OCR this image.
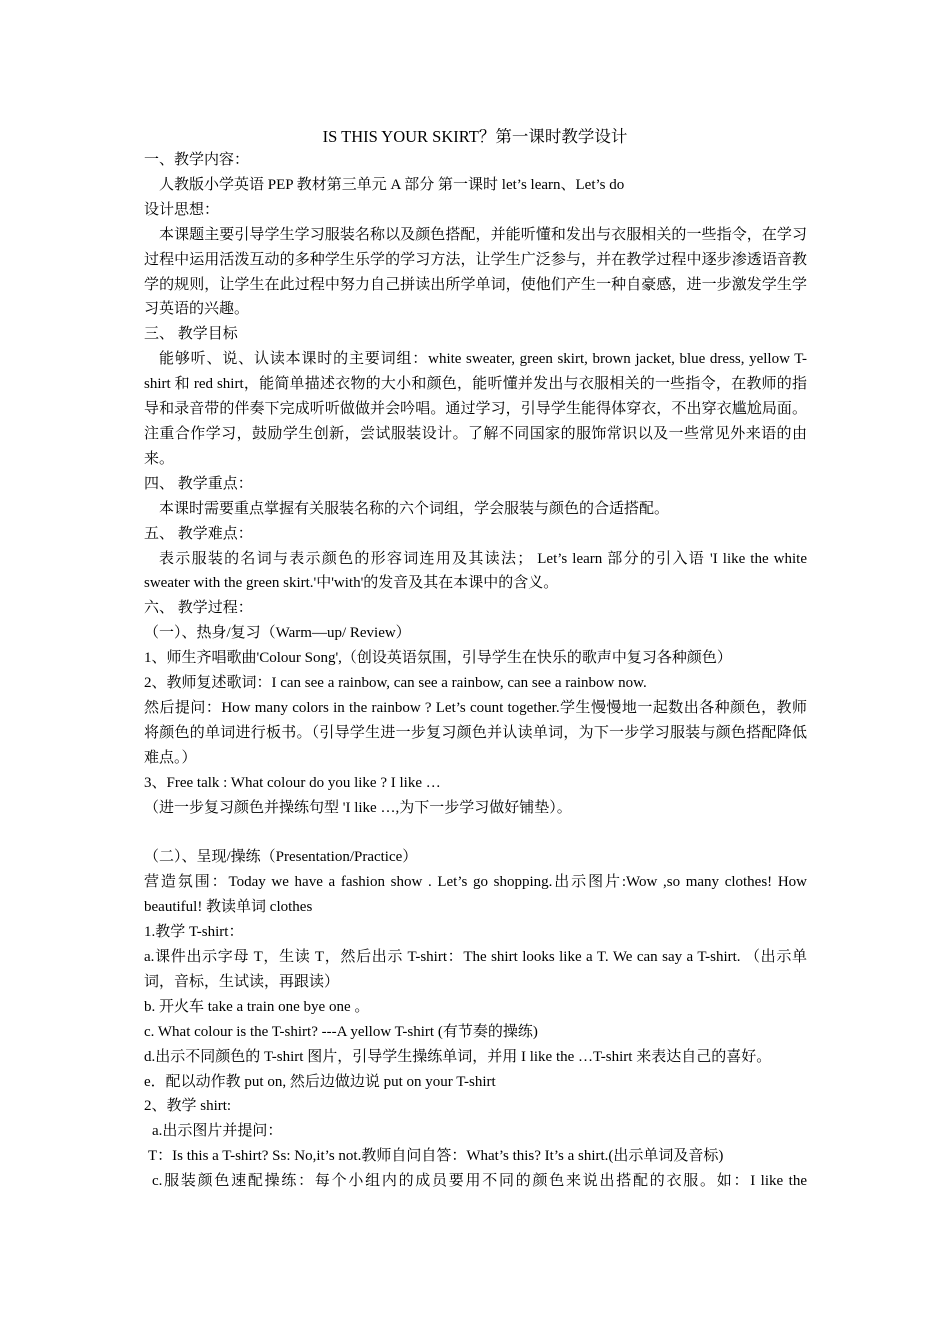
IS THIS YOUR SKIRT？第一课时教学设计

一、教学内容：

人教版小学英语 PEP 教材第三单元 A 部分 第一课时 let’s learn、Let’s do

设计思想：

本课题主要引导学生学习服装名称以及颜色搭配，并能听懂和发出与衣服相关的一些指令，在学习过程中运用活泼互动的多种学生乐学的学习方法，让学生广泛参与，并在教学过程中逐步渗透语音教学的规则，让学生在此过程中努力自己拼读出所学单词，使他们产生一种自豪感，进一步激发学生学习英语的兴趣。

三、 教学目标

能够听、说、认读本课时的主要词组：white sweater, green skirt, brown jacket, blue dress, yellow T- shirt 和 red shirt，能简单描述衣物的大小和颜色，能听懂并发出与衣服相关的一些指令，在教师的指导和录音带的伴奏下完成听听做做并会吟唱。通过学习，引导学生能得体穿衣，不出穿衣尴尬局面。注重合作学习，鼓励学生创新，尝试服装设计。了解不同国家的服饰常识以及一些常见外来语的由来。

四、 教学重点：

本课时需要重点掌握有关服装名称的六个词组，学会服装与颜色的合适搭配。

五、 教学难点：

表示服装的名词与表示颜色的形容词连用及其读法； Let’s learn 部分的引入语 'I like the white sweater with the green skirt.'中'with'的发音及其在本课中的含义。

六、 教学过程：

（一）、热身/复习（Warm—up/ Review）

1、师生齐唱歌曲'Colour Song',（创设英语氛围，引导学生在快乐的歌声中复习各种颜色）

2、教师复述歌词：I can see a rainbow, can see a rainbow, can see a rainbow now.

然后提问：How many colors in the rainbow ? Let’s count together.学生慢慢地一起数出各种颜色，教师将颜色的单词进行板书。（引导学生进一步复习颜色并认读单词，为下一步学习服装与颜色搭配降低难点。）

3、Free talk : What colour do you like ? I like …

（进一步复习颜色并操练句型 'I like …,为下一步学习做好铺垫）。

（二）、呈现/操练（Presentation/Practice）

营造氛围：Today we have a fashion show . Let’s go shopping.出示图片:Wow ,so many clothes! How beautiful! 教读单词 clothes

1.教学 T-shirt：

a.课件出示字母 T，生读 T，然后出示 T-shirt：The shirt looks like a T. We can say a T-shirt. （出示单词，音标，生试读，再跟读）

b. 开火车 take a train one bye one 。

c. What colour is the T-shirt? ---A yellow T-shirt (有节奏的操练)

d.出示不同颜色的 T-shirt 图片，引导学生操练单词，并用 I like the …T-shirt 来表达自己的喜好。

e．配以动作教 put on, 然后边做边说 put on your T-shirt

2、教学 shirt:

a.出示图片并提问：

T：Is this a T-shirt? Ss: No,it’s not.教师自问自答：What’s this? It’s a shirt.(出示单词及音标)

c.服装颜色速配操练：每个小组内的成员要用不同的颜色来说出搭配的衣服。如：I like the
